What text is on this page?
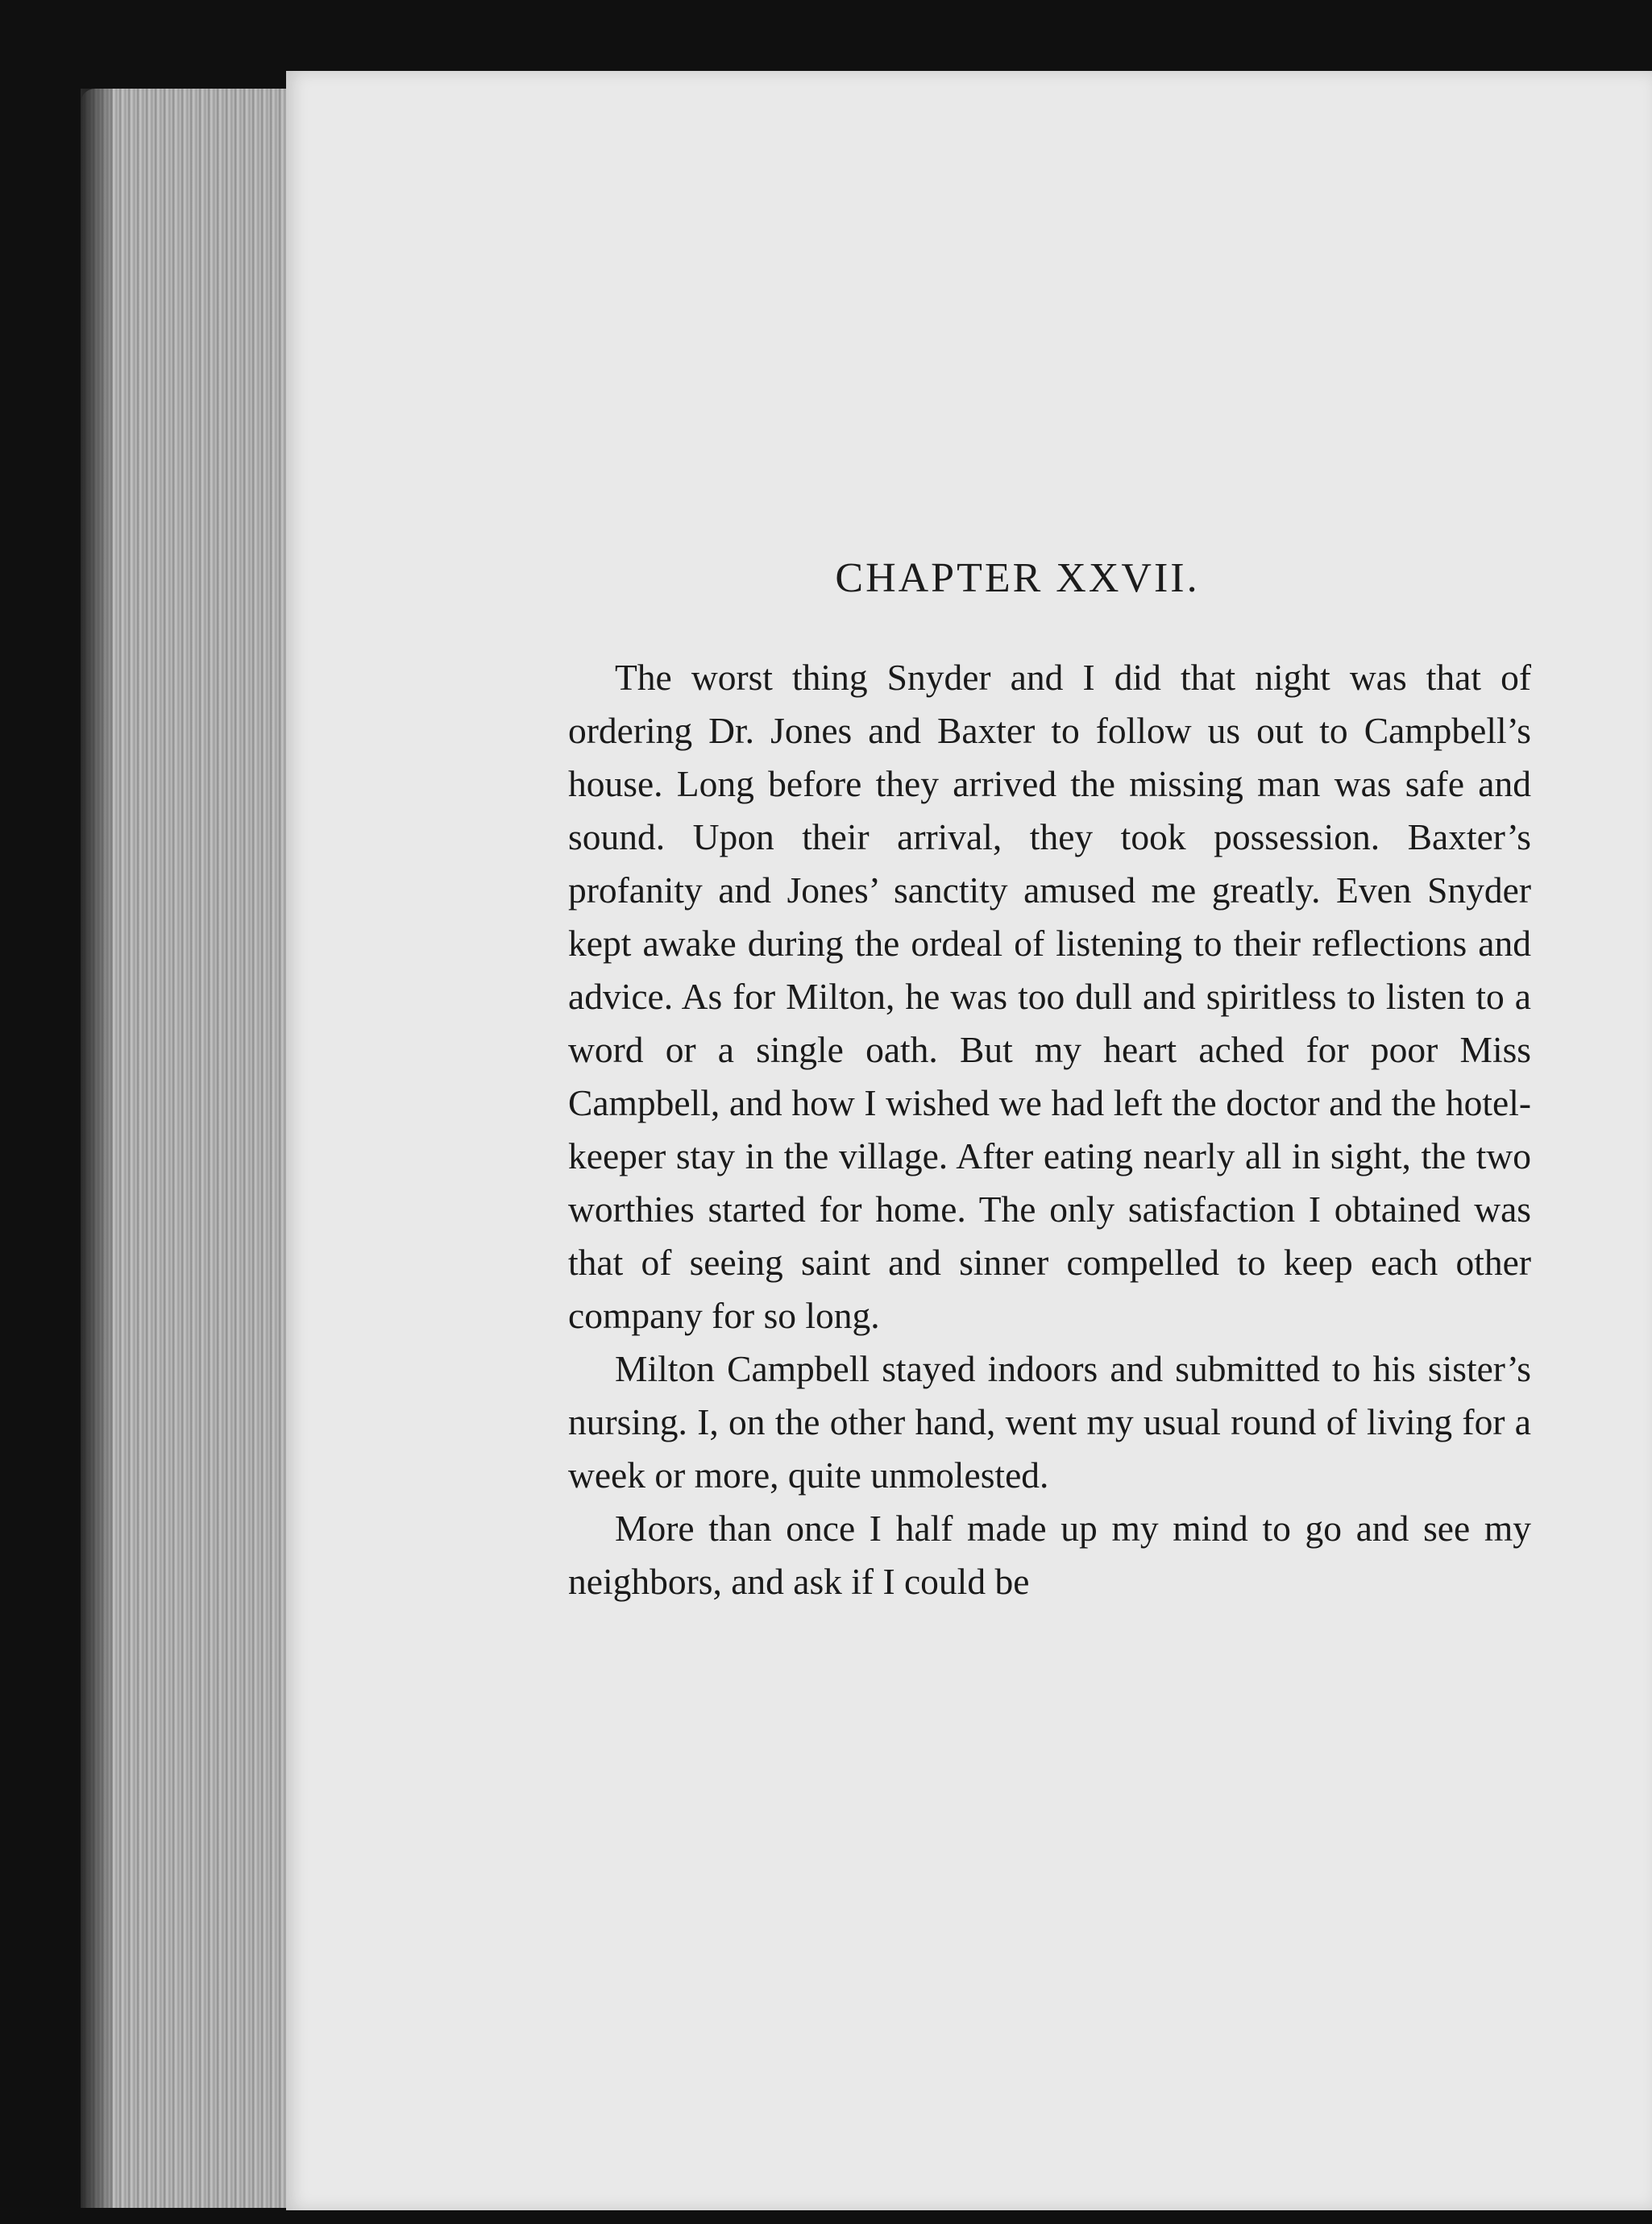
CHAPTER XXVII.

The worst thing Snyder and I did that night was that of ordering Dr. Jones and Baxter to follow us out to Campbell’s house. Long before they arrived the missing man was safe and sound. Upon their arrival, they took possession. Baxter’s profanity and Jones’ sanctity amused me greatly. Even Snyder kept awake during the ordeal of listening to their reflections and advice. As for Milton, he was too dull and spiritless to listen to a word or a single oath. But my heart ached for poor Miss Campbell, and how I wished we had left the doctor and the hotel-keeper stay in the village. After eating nearly all in sight, the two worthies started for home. The only satisfaction I obtained was that of seeing saint and sinner compelled to keep each other company for so long.

Milton Campbell stayed indoors and submitted to his sister’s nursing. I, on the other hand, went my usual round of living for a week or more, quite unmolested.

More than once I half made up my mind to go and see my neighbors, and ask if I could be
